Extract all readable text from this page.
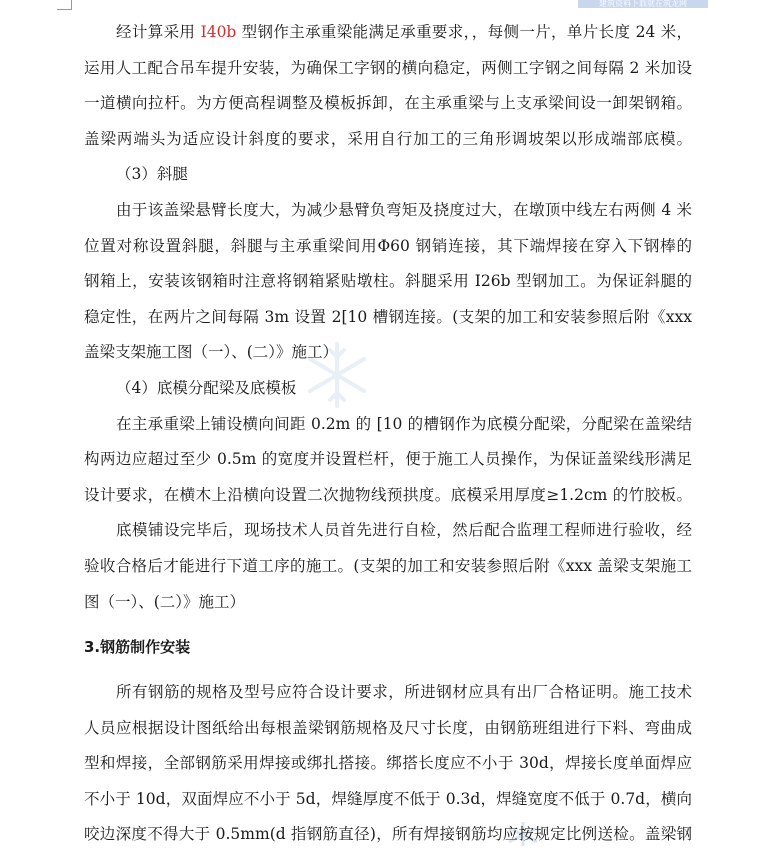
建筑资料下载就在筑龙网
经计算采用 I40b 型钢作主承重梁能满足承重要求，，每侧一片，单片长度 24 米，
运用人工配合吊车提升安装，为确保工字钢的横向稳定，两侧工字钢之间每隔 2 米加设
一道横向拉杆。为方便高程调整及模板拆卸，在主承重梁与上支承梁间设一卸架钢箱。
盖梁两端头为适应设计斜度的要求，采用自行加工的三角形调坡架以形成端部底模。
（3）斜腿
由于该盖梁悬臂长度大，为减少悬臂负弯矩及挠度过大，在墩顶中线左右两侧 4 米
位置对称设置斜腿，斜腿与主承重梁间用Φ60 钢销连接，其下端焊接在穿入下钢棒的
钢箱上，安装该钢箱时注意将钢箱紧贴墩柱。斜腿采用 I26b 型钢加工。为保证斜腿的
稳定性，在两片之间每隔 3m 设置 2[10 槽钢连接。(支架的加工和安装参照后附《xxx
盖梁支架施工图（一）、(二）》施工）
（4）底模分配梁及底模板
在主承重梁上铺设横向间距 0.2m 的 [10 的槽钢作为底模分配梁，分配梁在盖梁结
构两边应超过至少 0.5m 的宽度并设置栏杆，便于施工人员操作，为保证盖梁线形满足
设计要求，在横木上沿横向设置二次抛物线预拱度。底模采用厚度≥1.2cm 的竹胶板。
底模铺设完毕后，现场技术人员首先进行自检，然后配合监理工程师进行验收，经
验收合格后才能进行下道工序的施工。(支架的加工和安装参照后附《xxx 盖梁支架施工
图（一）、(二）》施工）
3.钢筋制作安装
所有钢筋的规格及型号应符合设计要求，所进钢材应具有出厂合格证明。施工技术
人员应根据设计图纸给出每根盖梁钢筋规格及尺寸长度，由钢筋班组进行下料、弯曲成
型和焊接，全部钢筋采用焊接或绑扎搭接。绑搭长度应不小于 30d，焊接长度单面焊应
不小于 10d，双面焊应不小于 5d，焊缝厚度不低于 0.3d，焊缝宽度不低于 0.7d，横向
咬边深度不得大于 0.5mm(d 指钢筋直径)，所有焊接钢筋均应按规定比例送检。盖梁钢
